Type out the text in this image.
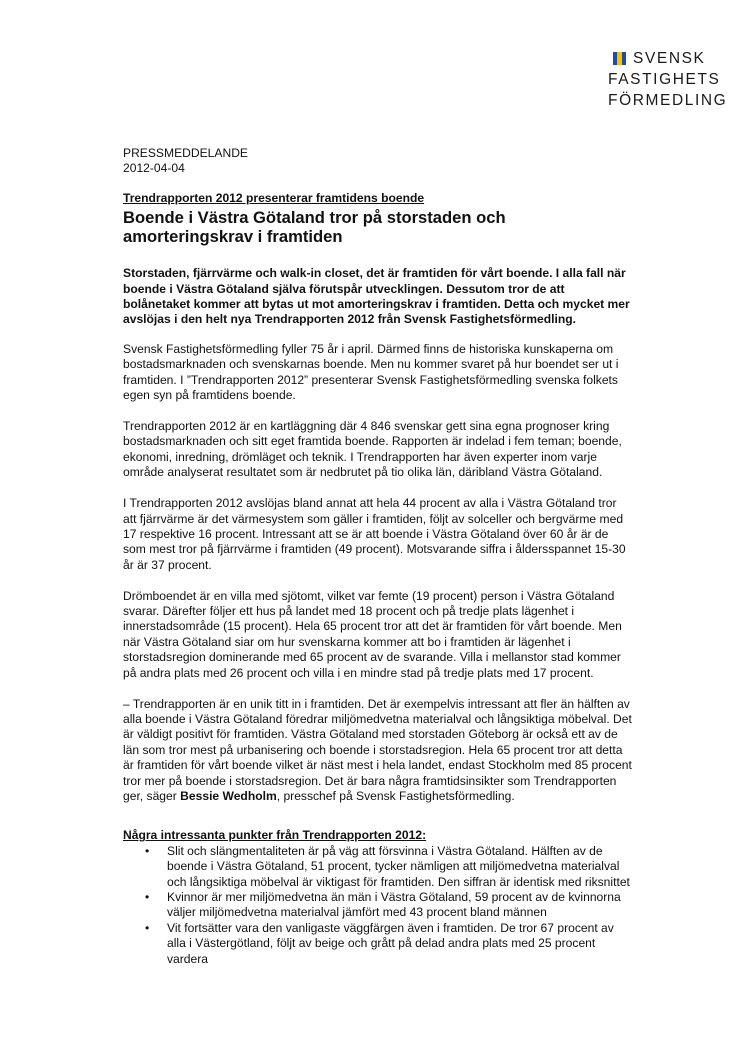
SVENSK
FASTIGHETS
FÖRMEDLING

PRESSMEDDELANDE

2012-04-04

Trendrapporten 2012 presenterar framtidens boende

Boende i Västra Götaland tror på storstaden och amorteringskrav i framtiden

Storstaden, fjärrvärme och walk-in closet, det är framtiden för vårt boende. I alla fall när boende i Västra Götaland själva förutspår utvecklingen. Dessutom tror de att bolånetaket kommer att bytas ut mot amorteringskrav i framtiden. Detta och mycket mer avslöjas i den helt nya Trendrapporten 2012 från Svensk Fastighetsförmedling.

Svensk Fastighetsförmedling fyller 75 år i april. Därmed finns de historiska kunskaperna om bostadsmarknaden och svenskarnas boende. Men nu kommer svaret på hur boendet ser ut i framtiden. I ”Trendrapporten 2012” presenterar Svensk Fastighetsförmedling svenska folkets egen syn på framtidens boende.

Trendrapporten 2012 är en kartläggning där 4 846 svenskar gett sina egna prognoser kring bostadsmarknaden och sitt eget framtida boende. Rapporten är indelad i fem teman; boende, ekonomi, inredning, drömläget och teknik. I Trendrapporten har även experter inom varje område analyserat resultatet som är nedbrutet på tio olika län, däribland Västra Götaland.

I Trendrapporten 2012 avslöjas bland annat att hela 44 procent av alla i Västra Götaland tror att fjärrvärme är det värmesystem som gäller i framtiden, följt av solceller och bergvärme med 17 respektive 16 procent. Intressant att se är att boende i Västra Götaland över 60 år är de som mest tror på fjärrvärme i framtiden (49 procent). Motsvarande siffra i åldersspannet 15-30 år är 37 procent.

Drömboendet är en villa med sjötomt, vilket var femte (19 procent) person i Västra Götaland svarar. Därefter följer ett hus på landet med 18 procent och på tredje plats lägenhet i innerstadsområde (15 procent). Hela 65 procent tror att det är framtiden för vårt boende. Men när Västra Götaland siar om hur svenskarna kommer att bo i framtiden är lägenhet i storstadsregion dominerande med 65 procent av de svarande. Villa i mellanstor stad kommer på andra plats med 26 procent och villa i en mindre stad på tredje plats med 17 procent.

– Trendrapporten är en unik titt in i framtiden. Det är exempelvis intressant att fler än hälften av alla boende i Västra Götaland föredrar miljömedvetna materialval och långsiktiga möbelval. Det är väldigt positivt för framtiden. Västra Götaland med storstaden Göteborg är också ett av de län som tror mest på urbanisering och boende i storstadsregion. Hela 65 procent tror att detta är framtiden för vårt boende vilket är näst mest i hela landet, endast Stockholm med 85 procent tror mer på boende i storstadsregion. Det är bara några framtidsinsikter som Trendrapporten ger, säger Bessie Wedholm, presschef på Svensk Fastighetsförmedling.

Några intressanta punkter från Trendrapporten 2012:

• Slit och slängmentaliteten är på väg att försvinna i Västra Götaland. Hälften av de boende i Västra Götaland, 51 procent, tycker nämligen att miljömedvetna materialval och långsiktiga möbelval är viktigast för framtiden. Den siffran är identisk med riksnittet
• Kvinnor är mer miljömedvetna än män i Västra Götaland, 59 procent av de kvinnorna väljer miljömedvetna materialval jämfört med 43 procent bland männen
• Vit fortsätter vara den vanligaste väggfärgen även i framtiden. De tror 67 procent av alla i Västergötland, följt av beige och grått på delad andra plats med 25 procent vardera
